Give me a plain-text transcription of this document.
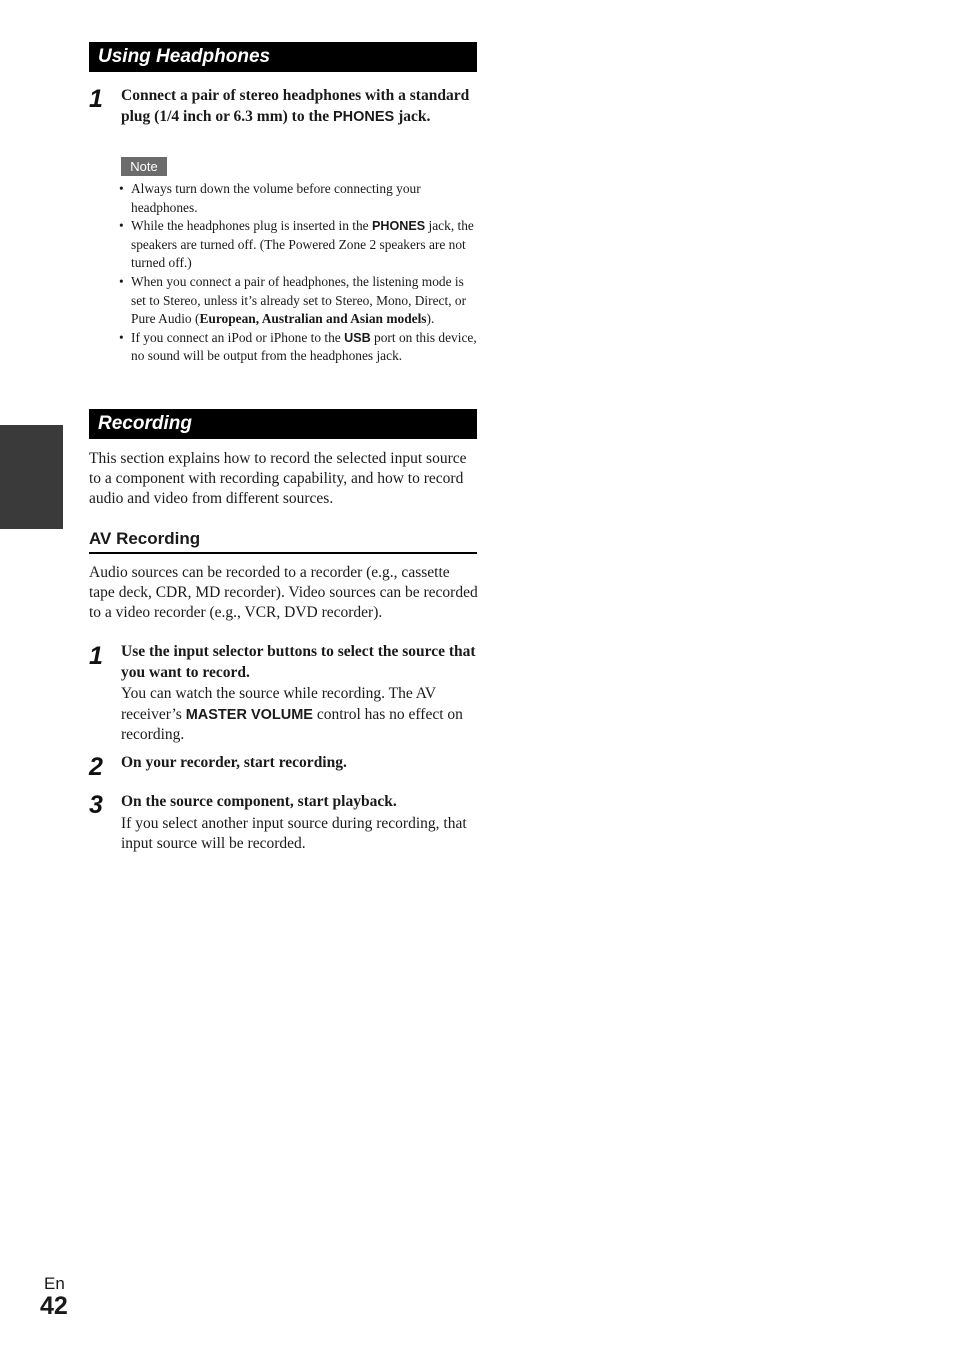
Using Headphones
1 Connect a pair of stereo headphones with a standard plug (1/4 inch or 6.3 mm) to the PHONES jack.
Note
• Always turn down the volume before connecting your headphones.
• While the headphones plug is inserted in the PHONES jack, the speakers are turned off. (The Powered Zone 2 speakers are not turned off.)
• When you connect a pair of headphones, the listening mode is set to Stereo, unless it’s already set to Stereo, Mono, Direct, or Pure Audio (European, Australian and Asian models).
• If you connect an iPod or iPhone to the USB port on this device, no sound will be output from the headphones jack.
Recording
This section explains how to record the selected input source to a component with recording capability, and how to record audio and video from different sources.
AV Recording
Audio sources can be recorded to a recorder (e.g., cassette tape deck, CDR, MD recorder). Video sources can be recorded to a video recorder (e.g., VCR, DVD recorder).
1 Use the input selector buttons to select the source that you want to record.
You can watch the source while recording. The AV receiver’s MASTER VOLUME control has no effect on recording.
2 On your recorder, start recording.
3 On the source component, start playback.
If you select another input source during recording, that input source will be recorded.
En
42
